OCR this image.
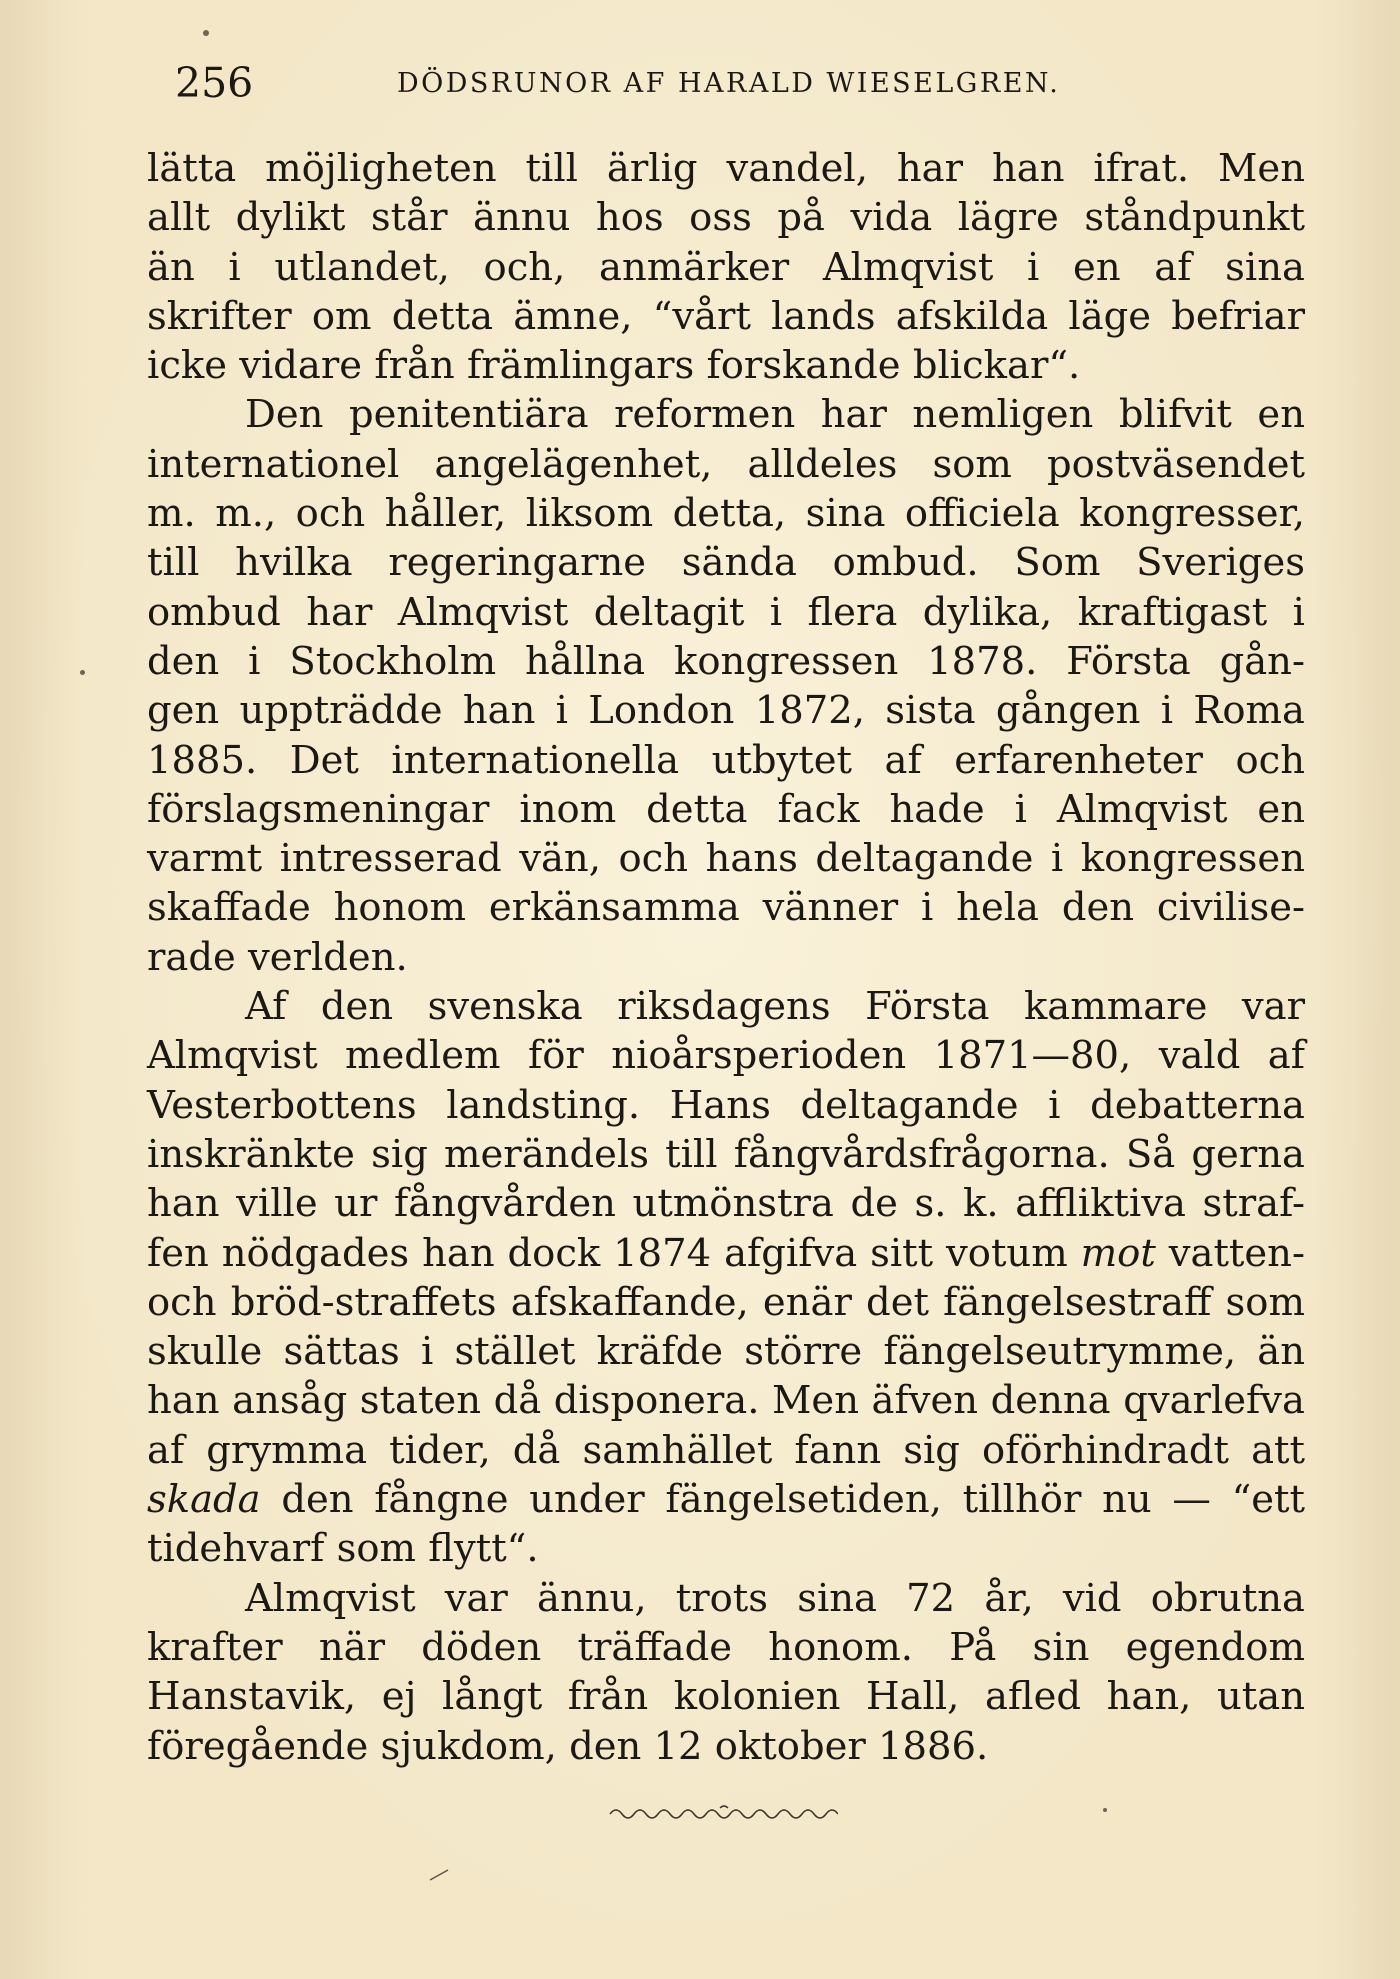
256	DÖDSRUNOR AF HARALD WIESELGREN.

lätta möjligheten till ärlig vandel, har han ifrat. Men
allt dylikt står ännu hos oss på vida lägre ståndpunkt
än i utlandet, och, anmärker Almqvist i en af sina
skrifter om detta ämne, “vårt lands afskilda läge befriar
icke vidare från främlingars forskande blickar“.

Den penitentiära reformen har nemligen blifvit en
internationel angelägenhet, alldeles som postväsendet
m. m., och håller, liksom detta, sina officiela kongresser,
till hvilka regeringarne sända ombud. Som Sveriges
ombud har Almqvist deltagit i flera dylika, kraftigast i
den i Stockholm hållna kongressen 1878. Första gån-
gen uppträdde han i London 1872, sista gången i Roma
1885. Det internationella utbytet af erfarenheter och
förslagsmeningar inom detta fack hade i Almqvist en
varmt intresserad vän, och hans deltagande i kongressen
skaffade honom erkänsamma vänner i hela den civilise-
rade verlden.

Af den svenska riksdagens Första kammare var
Almqvist medlem för nioårsperioden 1871—80, vald af
Vesterbottens landsting. Hans deltagande i debatterna
inskränkte sig merändels till fångvårdsfrågorna. Så gerna
han ville ur fångvården utmönstra de s. k. affliktiva straf-
fen nödgades han dock 1874 afgifva sitt votum mot vatten-
och bröd-straffets afskaffande, enär det fängelsestraff som
skulle sättas i stället kräfde större fängelseutrymme, än
han ansåg staten då disponera. Men äfven denna qvarlefva
af grymma tider, då samhället fann sig oförhindradt att
skada den fångne under fängelsetiden, tillhör nu — “ett
tidehvarf som flytt“.

Almqvist var ännu, trots sina 72 år, vid obrutna
krafter när döden träffade honom. På sin egendom
Hanstavik, ej långt från kolonien Hall, afled han, utan
föregående sjukdom, den 12 oktober 1886.
